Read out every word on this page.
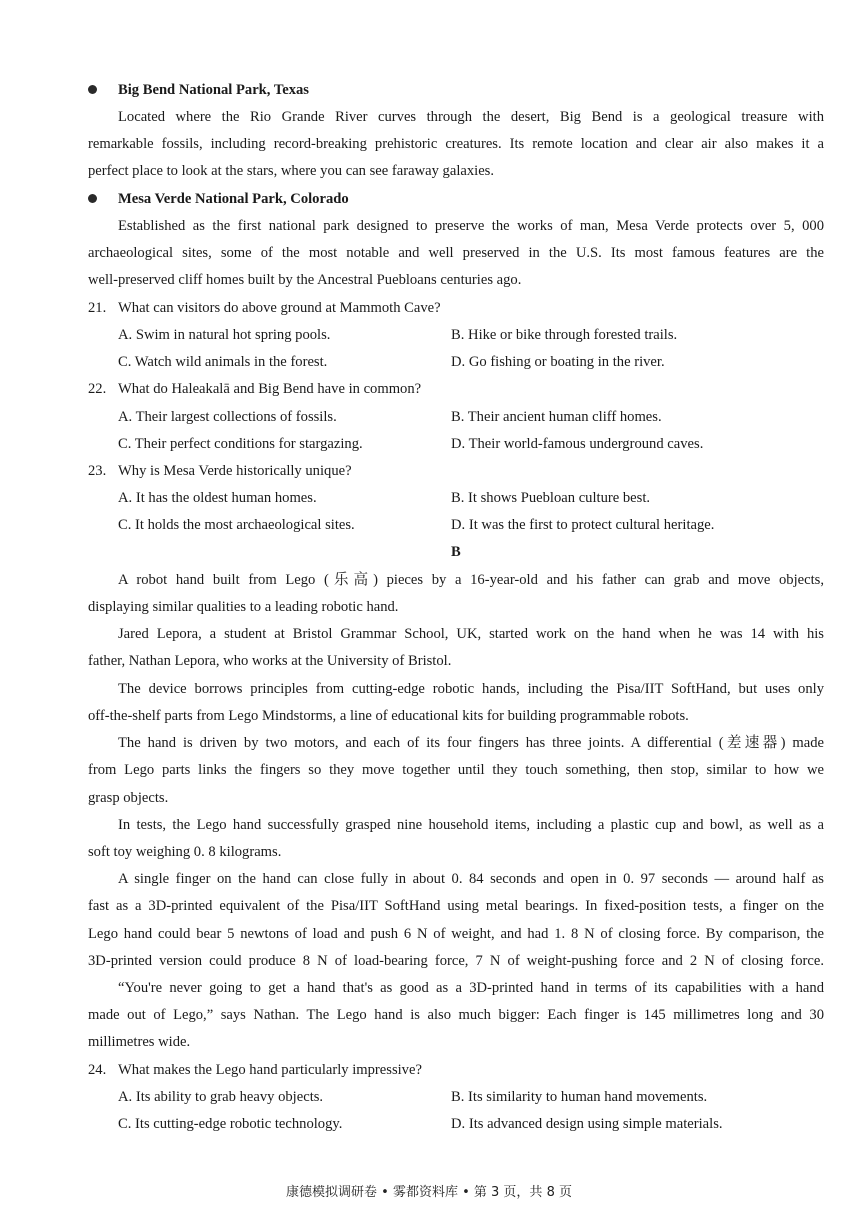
Big Bend National Park, Texas
Located where the Rio Grande River curves through the desert, Big Bend is a geological treasure with
remarkable fossils, including record-breaking prehistoric creatures. Its remote location and clear air also makes it a
perfect place to look at the stars, where you can see faraway galaxies.
Mesa Verde National Park, Colorado
Established as the first national park designed to preserve the works of man, Mesa Verde protects over 5, 000
archaeological sites, some of the most notable and well preserved in the U.S. Its most famous features are the
well-preserved cliff homes built by the Ancestral Puebloans centuries ago.
21. What can visitors do above ground at Mammoth Cave?
A. Swim in natural hot spring pools.	B. Hike or bike through forested trails.
C. Watch wild animals in the forest.	D. Go fishing or boating in the river.
22. What do Haleakalā and Big Bend have in common?
A. Their largest collections of fossils.	B. Their ancient human cliff homes.
C. Their perfect conditions for stargazing.	D. Their world-famous underground caves.
23. Why is Mesa Verde historically unique?
A. It has the oldest human homes.	B. It shows Puebloan culture best.
C. It holds the most archaeological sites.	D. It was the first to protect cultural heritage.
B
A robot hand built from Lego (乐高) pieces by a 16-year-old and his father can grab and move objects,
displaying similar qualities to a leading robotic hand.
Jared Lepora, a student at Bristol Grammar School, UK, started work on the hand when he was 14 with his
father, Nathan Lepora, who works at the University of Bristol.
The device borrows principles from cutting-edge robotic hands, including the Pisa/IIT SoftHand, but uses only
off-the-shelf parts from Lego Mindstorms, a line of educational kits for building programmable robots.
The hand is driven by two motors, and each of its four fingers has three joints. A differential (差速器) made
from Lego parts links the fingers so they move together until they touch something, then stop, similar to how we
grasp objects.
In tests, the Lego hand successfully grasped nine household items, including a plastic cup and bowl, as well as a
soft toy weighing 0. 8 kilograms.
A single finger on the hand can close fully in about 0. 84 seconds and open in 0. 97 seconds — around half as
fast as a 3D-printed equivalent of the Pisa/IIT SoftHand using metal bearings. In fixed-position tests, a finger on the
Lego hand could bear 5 newtons of load and push 6 N of weight, and had 1. 8 N of closing force. By comparison, the
3D-printed version could produce 8 N of load-bearing force, 7 N of weight-pushing force and 2 N of closing force.
“You're never going to get a hand that's as good as a 3D-printed hand in terms of its capabilities with a hand
made out of Lego,” says Nathan. The Lego hand is also much bigger: Each finger is 145 millimetres long and 30
millimetres wide.
24. What makes the Lego hand particularly impressive?
A. Its ability to grab heavy objects.	B. Its similarity to human hand movements.
C. Its cutting-edge robotic technology.	D. Its advanced design using simple materials.
康德模拟调研卷 • 雾都资料库 • 第 3 页，共 8 页
